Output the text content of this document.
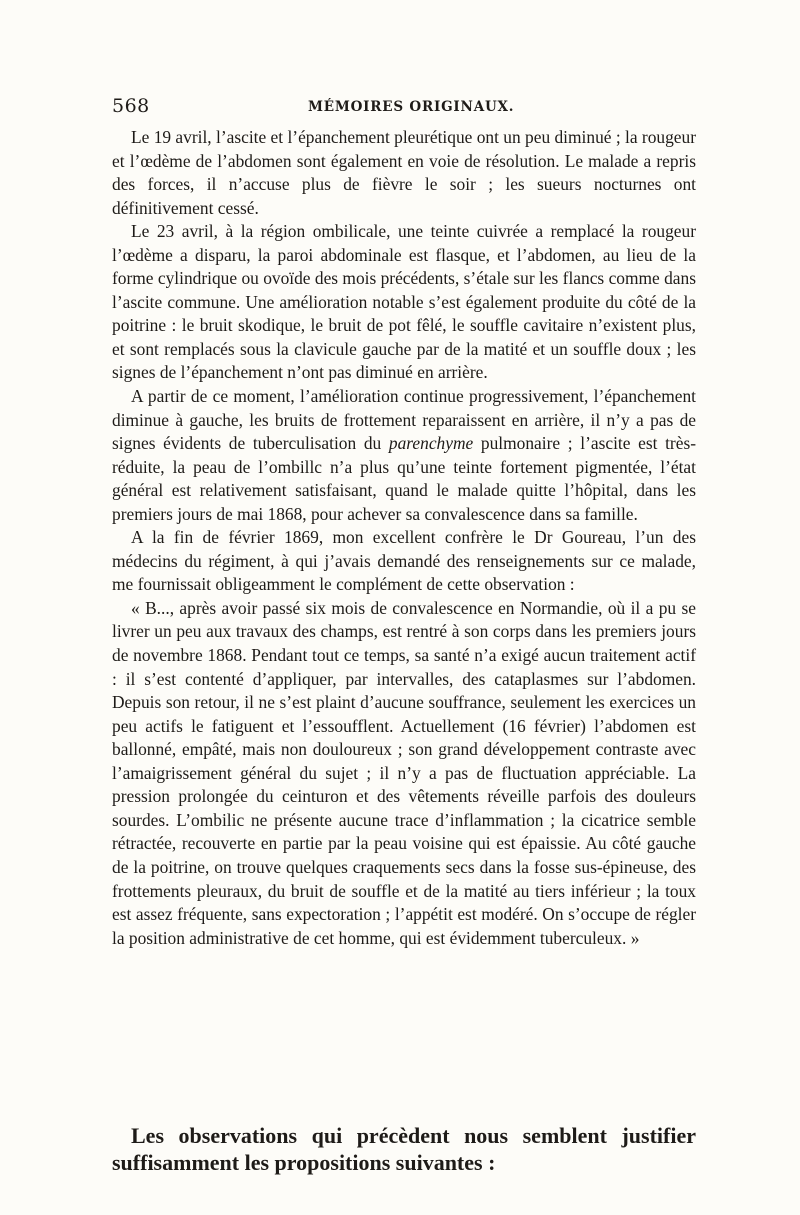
568	MÉMOIRES ORIGINAUX.

Le 19 avril, l’ascite et l’épanchement pleurétique ont un peu diminué ; la rougeur et l’œdème de l’abdomen sont également en voie de résolution. Le malade a repris des forces, il n’accuse plus de fièvre le soir ; les sueurs nocturnes ont définitivement cessé.

Le 23 avril, à la région ombilicale, une teinte cuivrée a remplacé la rougeur l’œdème a disparu, la paroi abdominale est flasque, et l’abdomen, au lieu de la forme cylindrique ou ovoïde des mois précédents, s’étale sur les flancs comme dans l’ascite commune. Une amélioration notable s’est également produite du côté de la poitrine : le bruit skodique, le bruit de pot fêlé, le souffle cavitaire n’existent plus, et sont remplacés sous la clavicule gauche par de la matité et un souffle doux ; les signes de l’épanchement n’ont pas diminué en arrière.

A partir de ce moment, l’amélioration continue progressivement, l’épanchement diminue à gauche, les bruits de frottement reparaissent en arrière, il n’y a pas de signes évidents de tuberculisation du parenchyme pulmonaire ; l’ascite est très-réduite, la peau de l’ombillc n’a plus qu’une teinte fortement pigmentée, l’état général est relativement satisfaisant, quand le malade quitte l’hôpital, dans les premiers jours de mai 1868, pour achever sa convalescence dans sa famille.

A la fin de février 1869, mon excellent confrère le Dr Goureau, l’un des médecins du régiment, à qui j’avais demandé des renseignements sur ce malade, me fournissait obligeamment le complément de cette observation :

« B..., après avoir passé six mois de convalescence en Normandie, où il a pu se livrer un peu aux travaux des champs, est rentré à son corps dans les premiers jours de novembre 1868. Pendant tout ce temps, sa santé n’a exigé aucun traitement actif : il s’est contenté d’appliquer, par intervalles, des cataplasmes sur l’abdomen. Depuis son retour, il ne s’est plaint d’aucune souffrance, seulement les exercices un peu actifs le fatiguent et l’essoufflent. Actuellement (16 février) l’abdomen est ballonné, empâté, mais non douloureux ; son grand développement contraste avec l’amaigrissement général du sujet ; il n’y a pas de fluctuation appréciable. La pression prolongée du ceinturon et des vêtements réveille parfois des douleurs sourdes. L’ombilic ne présente aucune trace d’inflammation ; la cicatrice semble rétractée, recouverte en partie par la peau voisine qui est épaissie. Au côté gauche de la poitrine, on trouve quelques craquements secs dans la fosse sus-épineuse, des frottements pleuraux, du bruit de souffle et de la matité au tiers inférieur ; la toux est assez fréquente, sans expectoration ; l’appétit est modéré. On s’occupe de régler la position administrative de cet homme, qui est évidemment tuberculeux. »

Les observations qui précèdent nous semblent justifier suffisamment les propositions suivantes :
